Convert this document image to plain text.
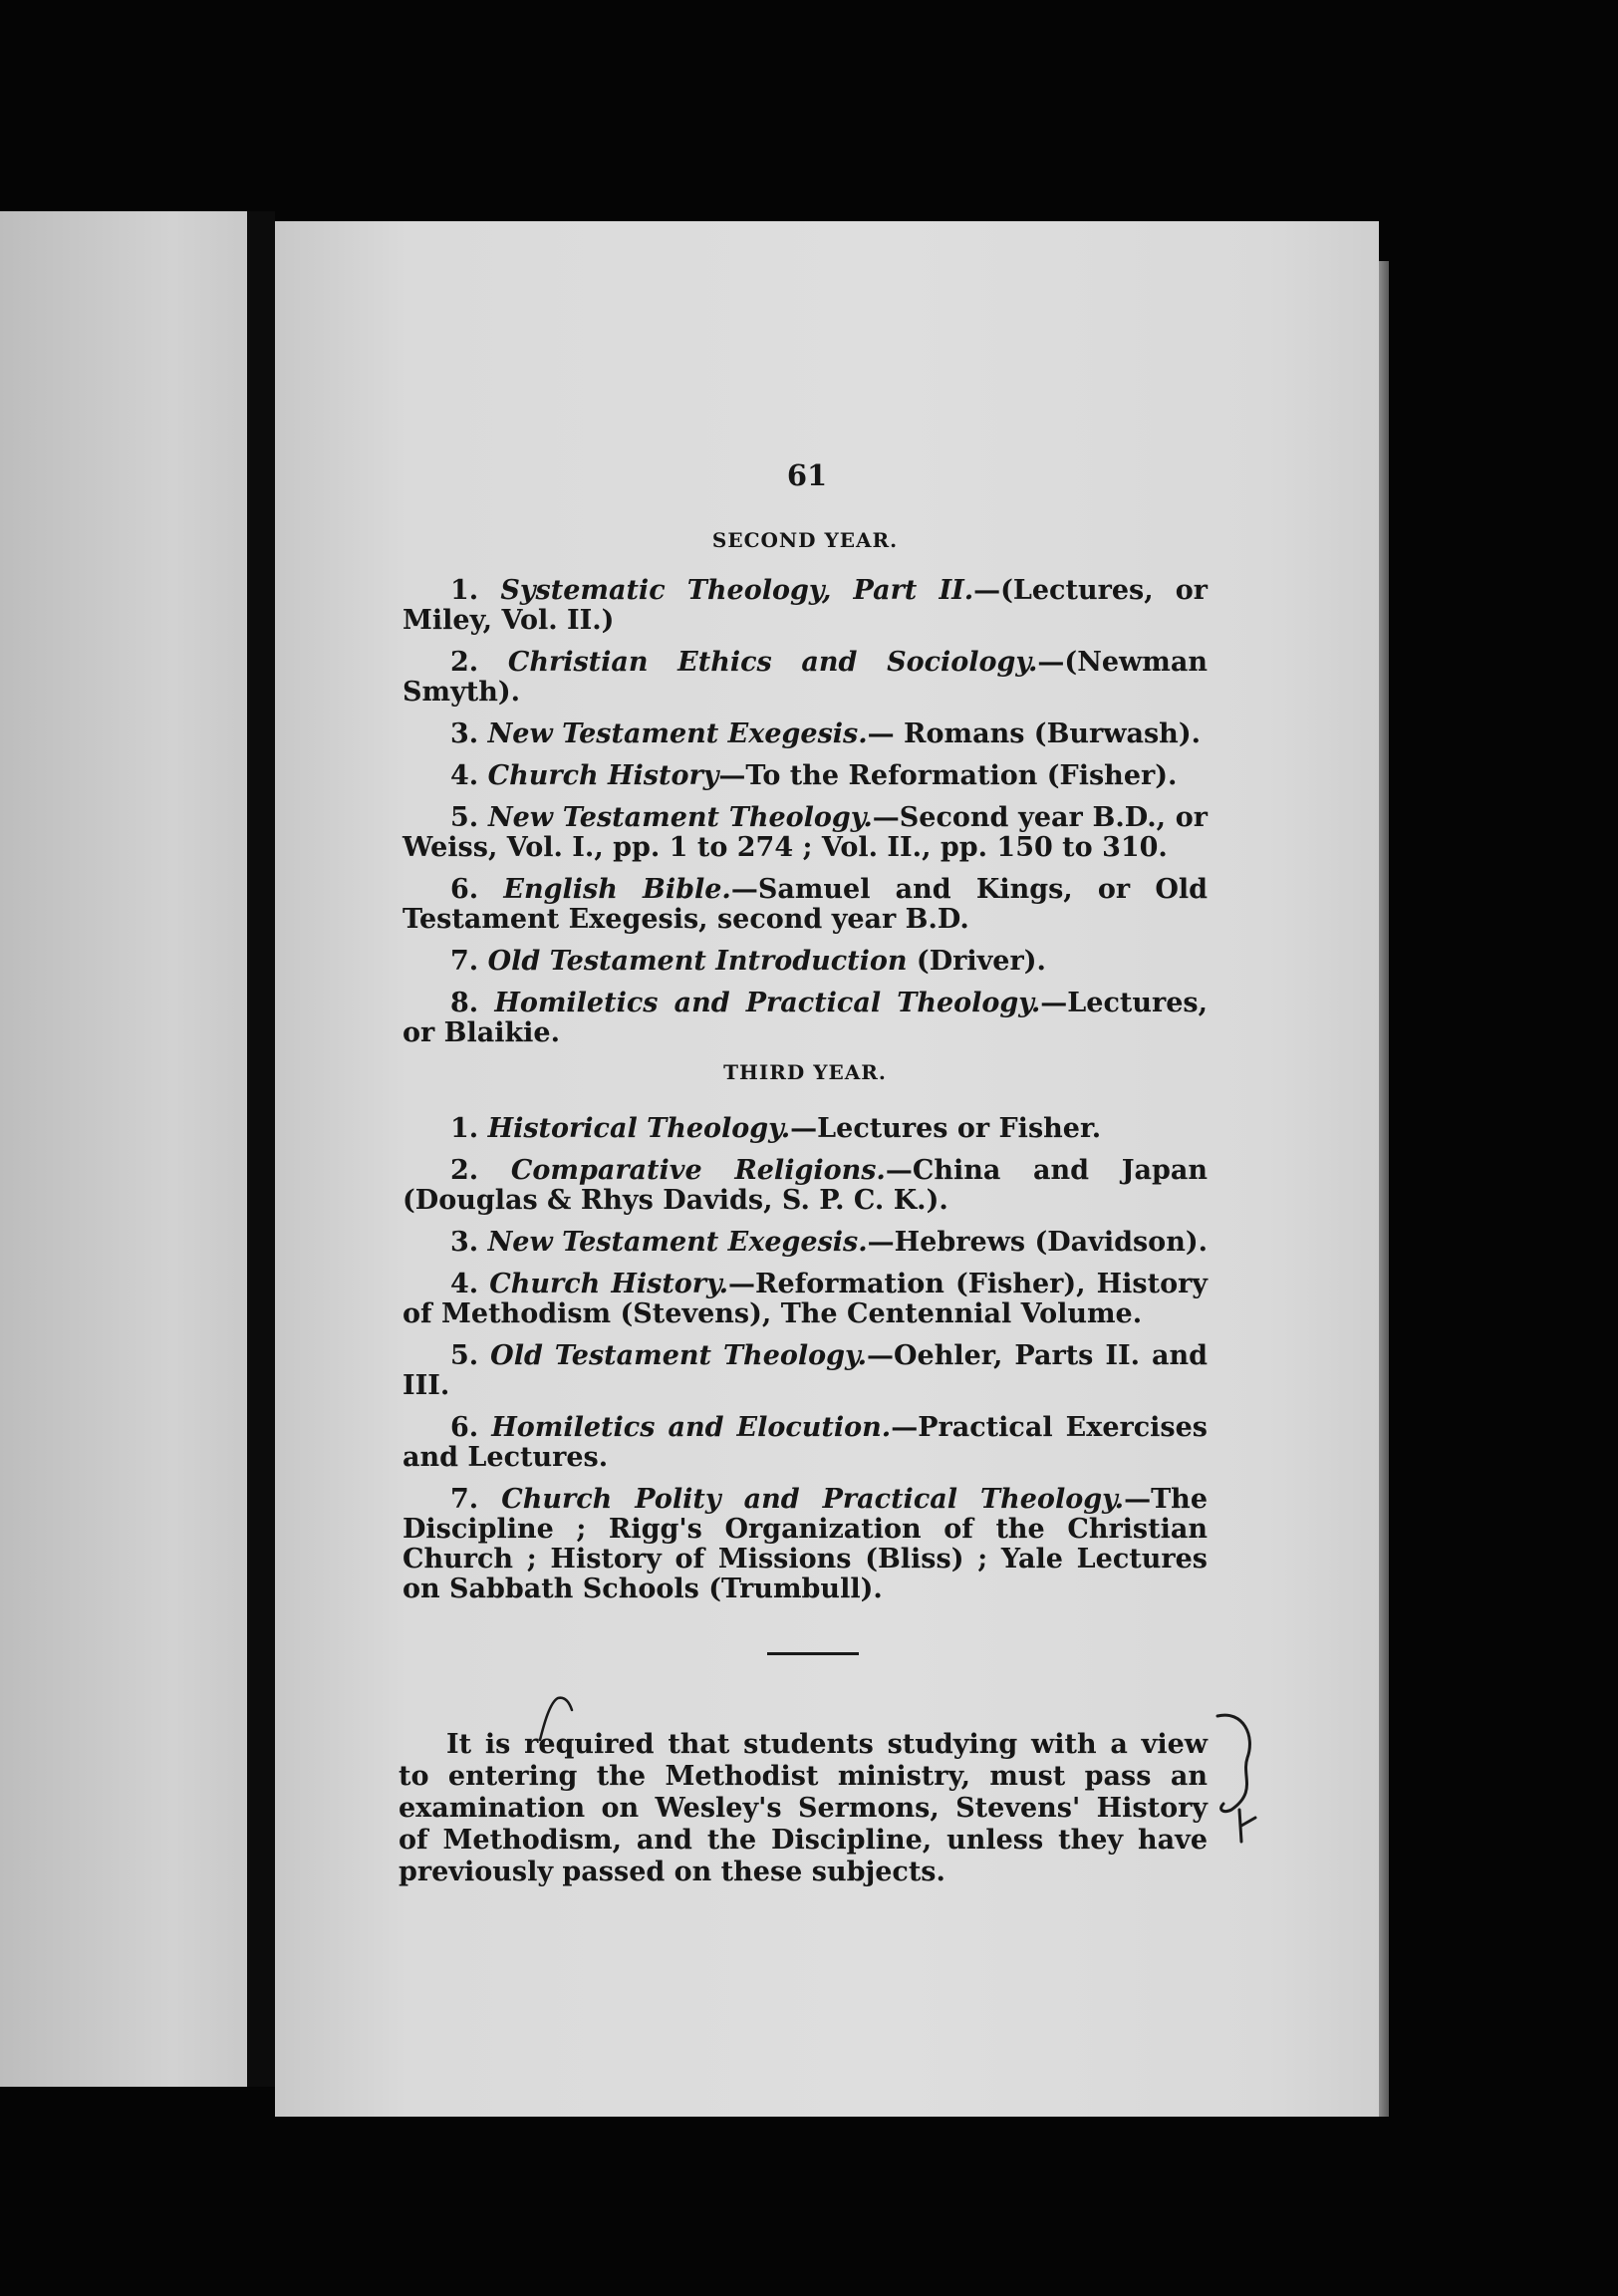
61
SECOND YEAR.

1. Systematic Theology, Part II.—(Lectures, or Miley, Vol. II.)

2. Christian Ethics and Sociology.—(Newman Smyth).

3. New Testament Exegesis.— Romans (Burwash).

4. Church History—To the Reformation (Fisher).

5. New Testament Theology.—Second year B.D., or Weiss, Vol. I., pp. 1 to 274 ; Vol. II., pp. 150 to 310.

6. English Bible.—Samuel and Kings, or Old Testament Exegesis, second year B.D.

7. Old Testament Introduction (Driver).

8. Homiletics and Practical Theology.—Lectures, or Blaikie.

THIRD YEAR.

1. Historical Theology.—Lectures or Fisher.

2. Comparative Religions.—China and Japan (Douglas & Rhys Davids, S. P. C. K.).

3. New Testament Exegesis.—Hebrews (Davidson).

4. Church History.—Reformation (Fisher), History of Methodism (Stevens), The Centennial Volume.

5. Old Testament Theology.—Oehler, Parts II. and III.

6. Homiletics and Elocution.—Practical Exercises and Lectures.

7. Church Polity and Practical Theology.—The Discipline ; Rigg's Organization of the Christian Church ; History of Missions (Bliss) ; Yale Lectures on Sabbath Schools (Trumbull).

It is required that students studying with a view to entering the Methodist ministry, must pass an examination on Wesley's Sermons, Stevens' History of Methodism, and the Discipline, unless they have previously passed on these subjects.
